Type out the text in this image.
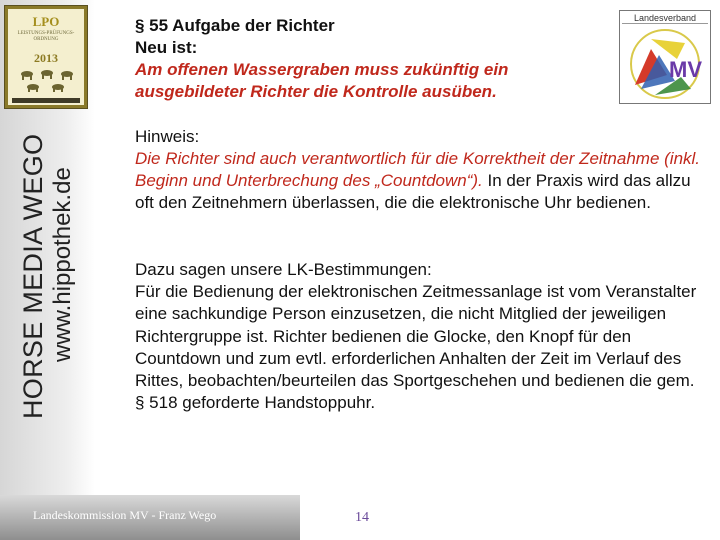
LPO
LEISTUNGS-PRÜFUNGS-ORDNUNG
2013
HORSE MEDIA WEGO www.hippothek.de
Landesverband
MV
§ 55 Aufgabe der Richter
Neu ist:
Am offenen Wassergraben muss zukünftig ein ausgebildeter Richter die Kontrolle ausüben.
Hinweis:
Die Richter sind auch verantwortlich für die Korrektheit der Zeitnahme (inkl. Beginn und Unterbrechung des „Countdown“). In der Praxis wird das allzu oft den Zeitnehmern überlassen, die die elektronische Uhr bedienen.
Dazu sagen unsere LK-Bestimmungen:
Für die Bedienung der elektronischen Zeitmessanlage ist vom Veranstalter eine sachkundige Person einzusetzen, die nicht Mitglied der jeweiligen Richtergruppe ist. Richter bedienen die Glocke, den Knopf für den Countdown und zum evtl. erforderlichen Anhalten der Zeit im Verlauf des Rittes, beobachten/beurteilen das Sportgeschehen und bedienen die gem. § 518 geforderte Handstoppuhr.
Landeskommission MV - Franz Wego	14
